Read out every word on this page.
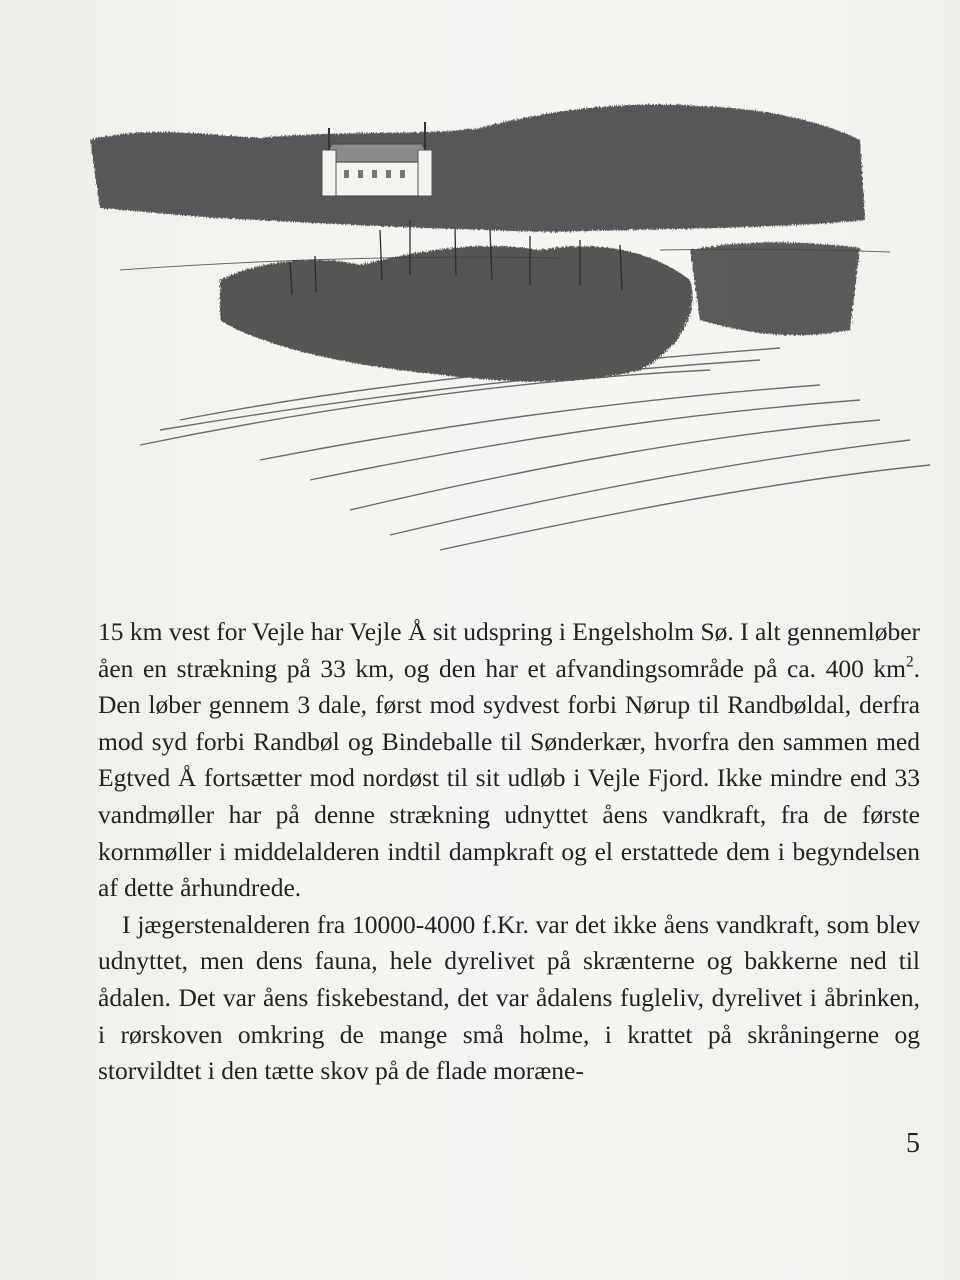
15 km vest for Vejle har Vejle Å sit udspring i Engelsholm Sø. I alt gennemløber åen en strækning på 33 km, og den har et afvandingsområde på ca. 400 $km^2$. Den løber gennem 3 dale, først mod sydvest forbi Nørup til Randbøldal, derfra mod syd forbi Randbøl og Bindeballe til Sønderkær, hvorfra den sammen med Egtved Å fortsætter mod nordøst til sit udløb i Vejle Fjord. Ikke mindre end 33 vandmøller har på denne strækning udnyttet åens vandkraft, fra de første kornmøller i middelalderen indtil dampkraft og el erstattede dem i begyndelsen af dette århundrede.

I jægerstenalderen fra 10000-4000 f.Kr. var det ikke åens vandkraft, som blev udnyttet, men dens fauna, hele dyrelivet på skrænterne og bakkerne ned til ådalen. Det var åens fiskebestand, det var ådalens fugleliv, dyrelivet i åbrinken, i rørskoven omkring de mange små holme, i krattet på skråningerne og storvildtet i den tætte skov på de flade moræne-

5
